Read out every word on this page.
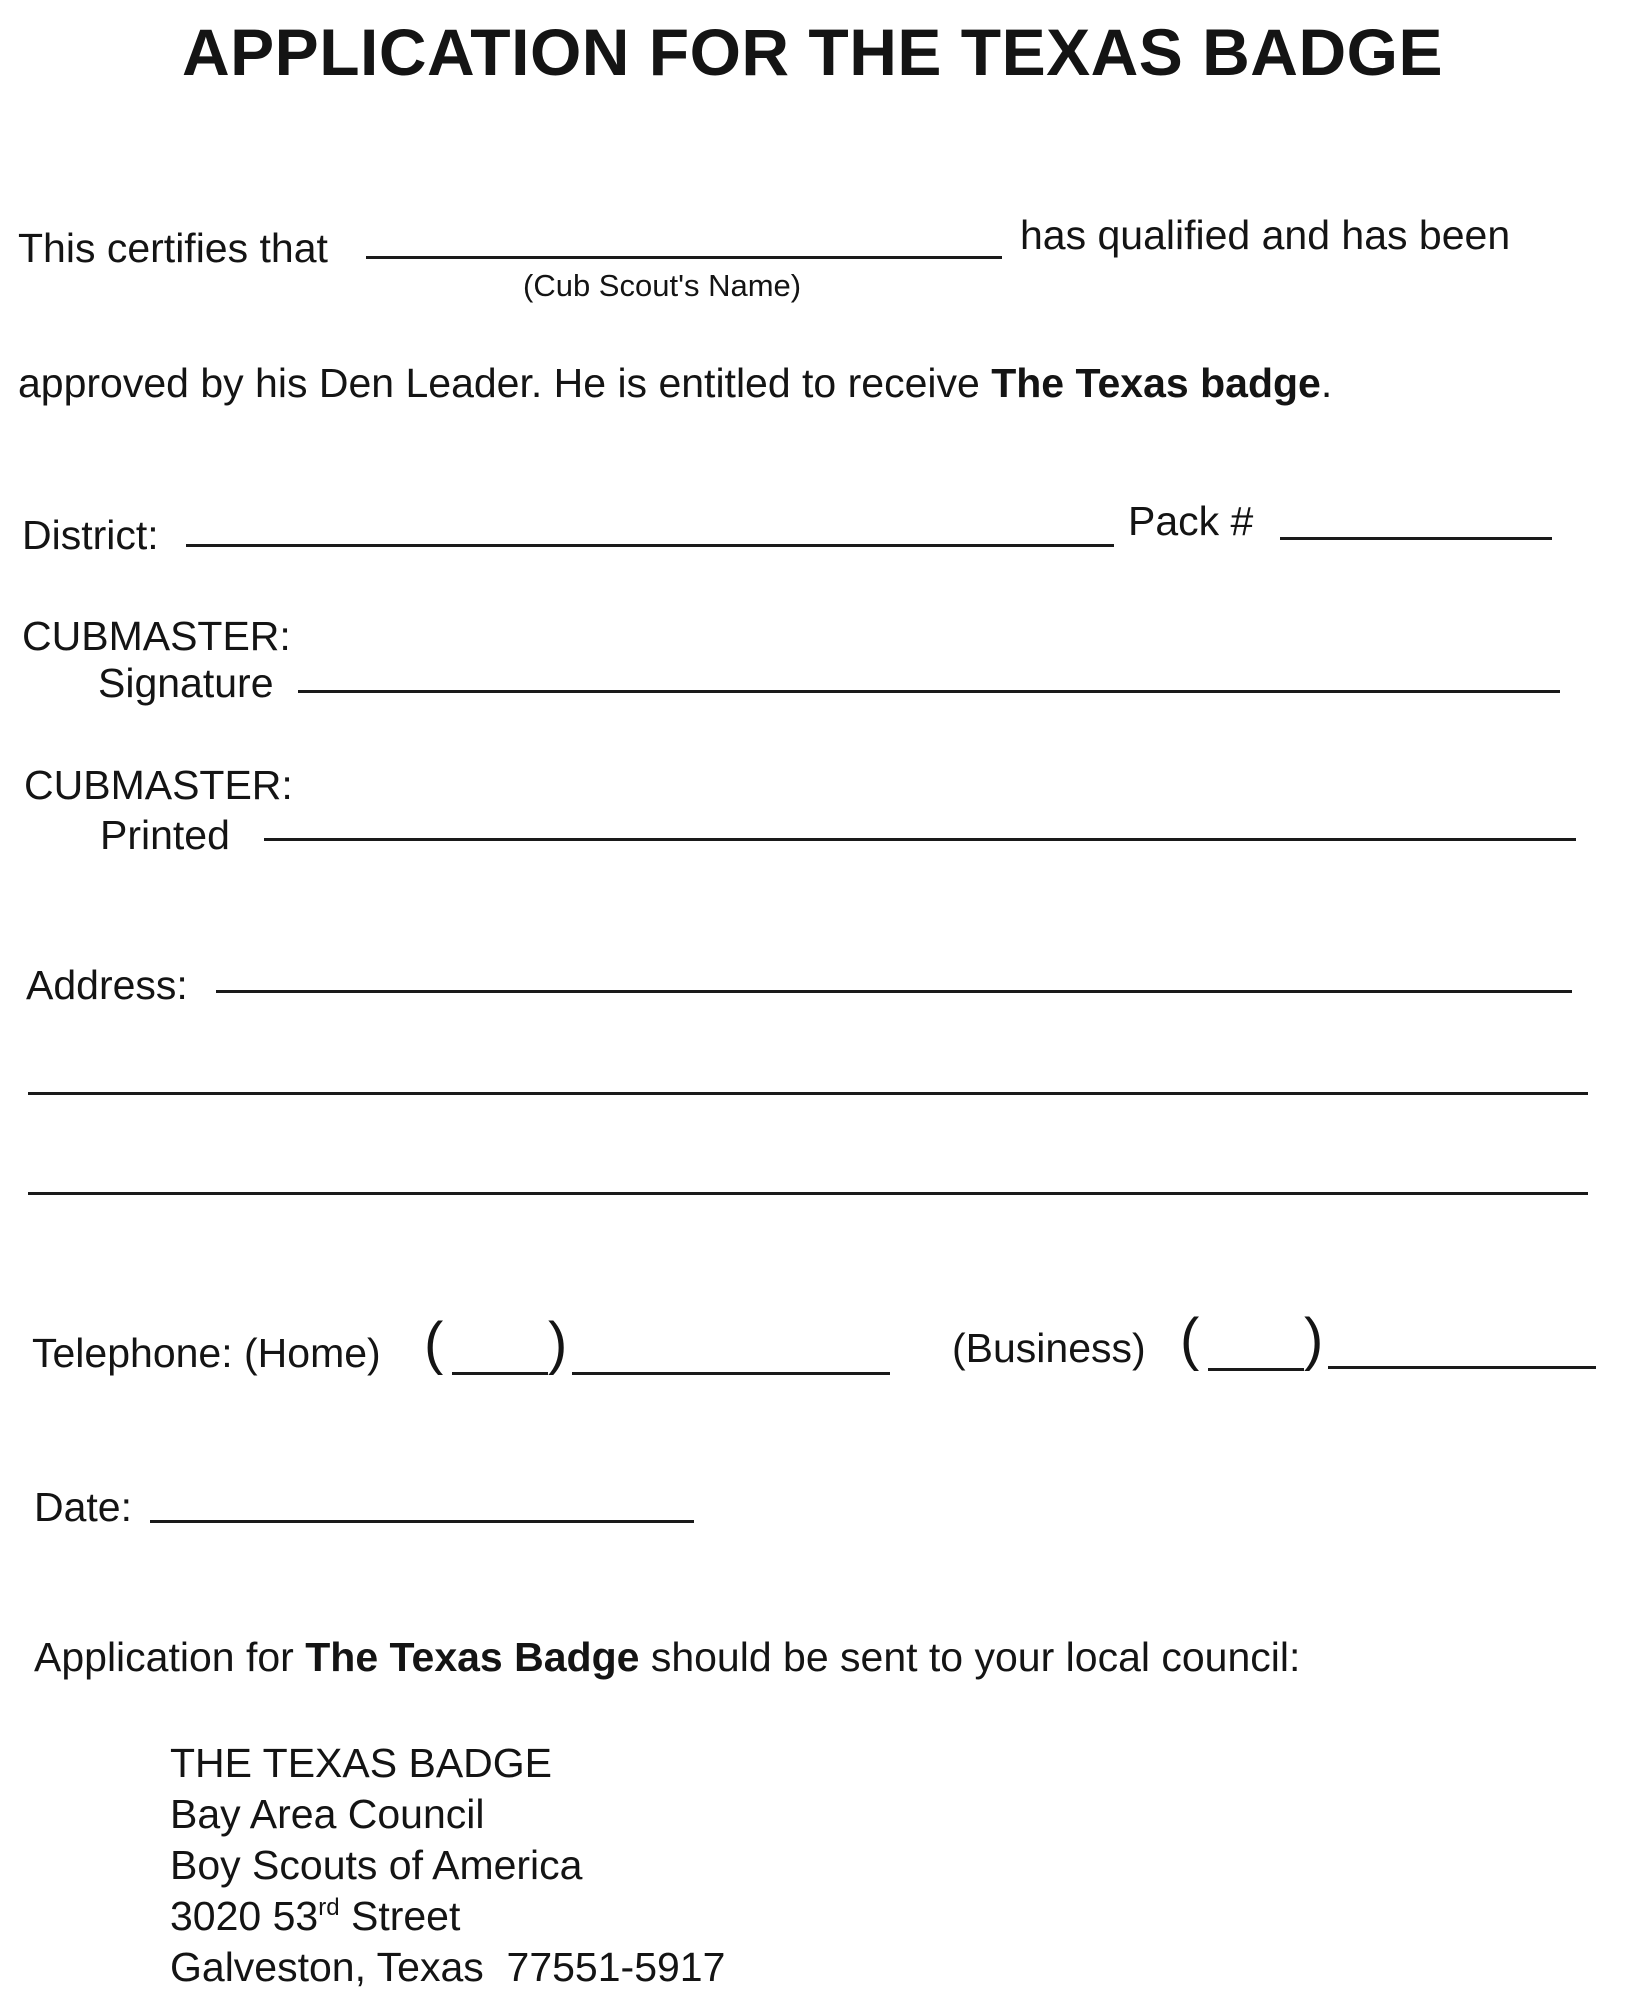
APPLICATION FOR THE TEXAS BADGE
This certifies that	has qualified and has been
(Cub Scout's Name)
approved by his Den Leader. He is entitled to receive The Texas badge.
District:	Pack #
CUBMASTER:
Signature
CUBMASTER:
Printed
Address:
Telephone: (Home) ( )	(Business) ( )
Date:
Application for The Texas Badge should be sent to your local council:
THE TEXAS BADGE
Bay Area Council
Boy Scouts of America
3020 53rd Street
Galveston, Texas  77551-5917
